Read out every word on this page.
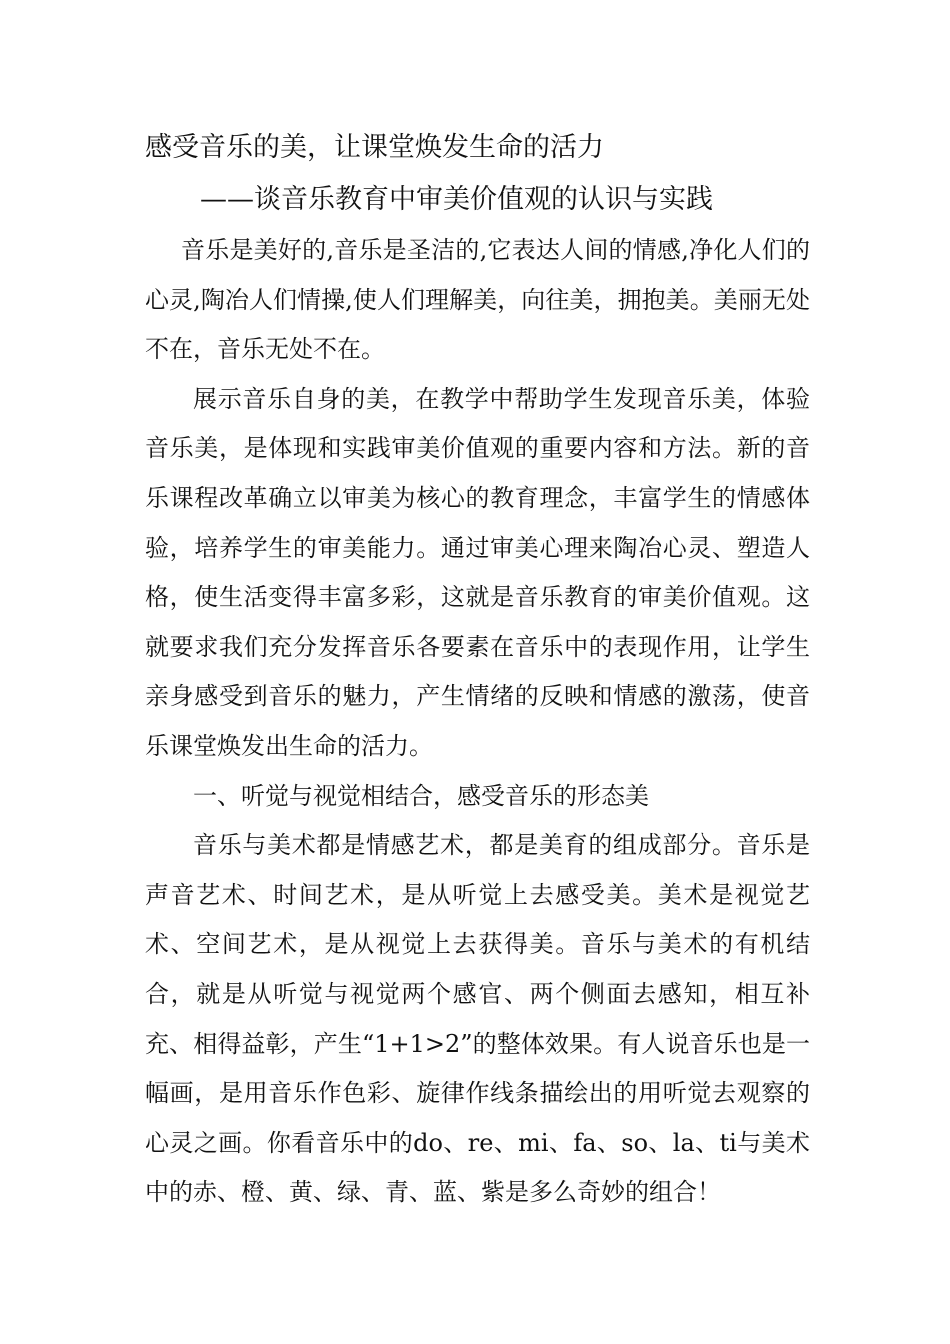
感受音乐的美，让课堂焕发生命的活力
——谈音乐教育中审美价值观的认识与实践

音乐是美好的,音乐是圣洁的,它表达人间的情感,净化人们的心灵,陶冶人们情操,使人们理解美，向往美，拥抱美。美丽无处不在，音乐无处不在。

展示音乐自身的美，在教学中帮助学生发现音乐美，体验音乐美，是体现和实践审美价值观的重要内容和方法。新的音乐课程改革确立以审美为核心的教育理念，丰富学生的情感体验，培养学生的审美能力。通过审美心理来陶冶心灵、塑造人格，使生活变得丰富多彩，这就是音乐教育的审美价值观。这就要求我们充分发挥音乐各要素在音乐中的表现作用，让学生亲身感受到音乐的魅力，产生情绪的反映和情感的激荡，使音乐课堂焕发出生命的活力。

一、听觉与视觉相结合，感受音乐的形态美

音乐与美术都是情感艺术，都是美育的组成部分。音乐是声音艺术、时间艺术，是从听觉上去感受美。美术是视觉艺术、空间艺术，是从视觉上去获得美。音乐与美术的有机结合，就是从听觉与视觉两个感官、两个侧面去感知，相互补充、相得益彰，产生“1+1>2”的整体效果。有人说音乐也是一幅画，是用音乐作色彩、旋律作线条描绘出的用听觉去观察的心灵之画。你看音乐中的do、re、mi、fa、so、la、ti与美术中的赤、橙、黄、绿、青、蓝、紫是多么奇妙的组合！
